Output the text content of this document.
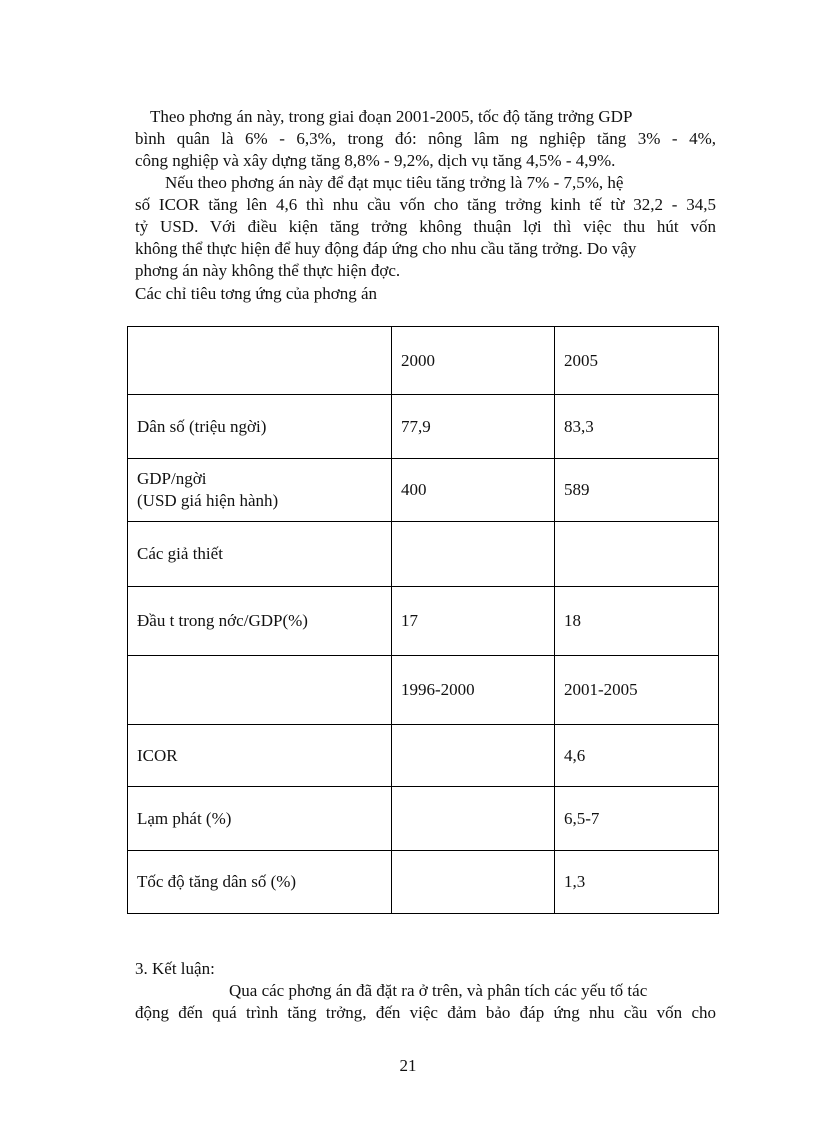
Theo phơng án này, trong giai đoạn 2001-2005, tốc độ tăng trởng GDP
bình quân là 6% - 6,3%, trong đó: nông lâm ng nghiệp tăng 3% - 4%,
công nghiệp và xây dựng tăng 8,8% - 9,2%, dịch vụ tăng 4,5% - 4,9%.
Nếu theo phơng án này để đạt mục tiêu tăng trởng là 7% - 7,5%, hệ
số ICOR tăng lên 4,6 thì nhu cầu vốn cho tăng trởng kinh tế từ 32,2 - 34,5
tỷ USD. Với điều kiện tăng trởng không thuận lợi thì việc thu hút vốn
không thể thực hiện để huy động đáp ứng cho nhu cầu tăng trởng. Do vậy
phơng án này không thể thực hiện đợc.
Các chỉ tiêu tơng ứng của phơng án
	2000	2005
Dân số (triệu ngời)	77,9	83,3

GDP/ngời
(USD giá hiện hành)	400	589
Các giả thiết		
Đầu t trong nớc/GDP(%)	17	18
	1996-2000	2001-2005
ICOR		4,6
Lạm phát (%)		6,5-7
Tốc độ tăng dân số (%)		1,3
3. Kết luận:
Qua các phơng án đã đặt ra ở trên, và phân tích các yếu tố tác
động đến quá trình tăng trởng, đến việc đảm bảo đáp ứng nhu cầu vốn cho
21
